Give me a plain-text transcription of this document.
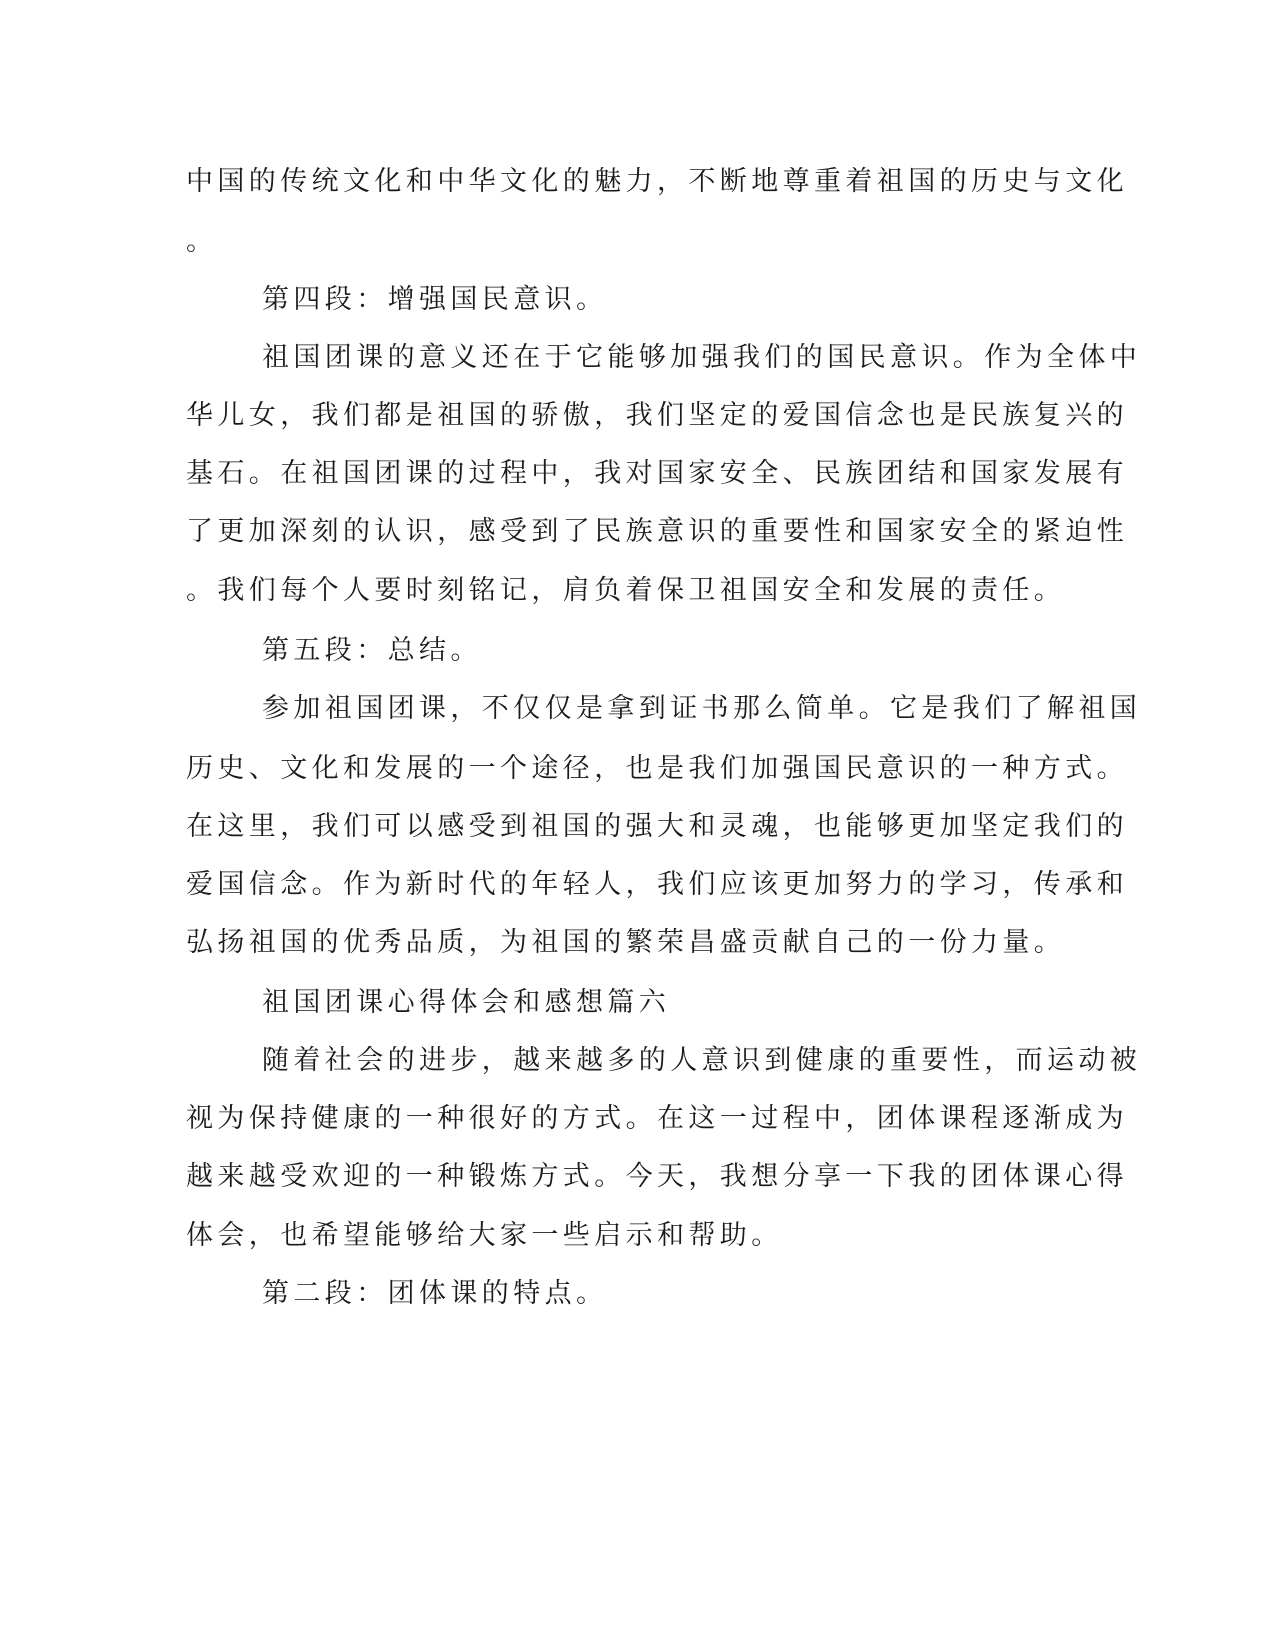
中国的传统文化和中华文化的魅力，不断地尊重着祖国的历史与文化
。
第四段：增强国民意识。
祖国团课的意义还在于它能够加强我们的国民意识。作为全体中
华儿女，我们都是祖国的骄傲，我们坚定的爱国信念也是民族复兴的
基石。在祖国团课的过程中，我对国家安全、民族团结和国家发展有
了更加深刻的认识，感受到了民族意识的重要性和国家安全的紧迫性
。我们每个人要时刻铭记，肩负着保卫祖国安全和发展的责任。
第五段：总结。
参加祖国团课，不仅仅是拿到证书那么简单。它是我们了解祖国
历史、文化和发展的一个途径，也是我们加强国民意识的一种方式。
在这里，我们可以感受到祖国的强大和灵魂，也能够更加坚定我们的
爱国信念。作为新时代的年轻人，我们应该更加努力的学习，传承和
弘扬祖国的优秀品质，为祖国的繁荣昌盛贡献自己的一份力量。
祖国团课心得体会和感想篇六
随着社会的进步，越来越多的人意识到健康的重要性，而运动被
视为保持健康的一种很好的方式。在这一过程中，团体课程逐渐成为
越来越受欢迎的一种锻炼方式。今天，我想分享一下我的团体课心得
体会，也希望能够给大家一些启示和帮助。
第二段：团体课的特点。
